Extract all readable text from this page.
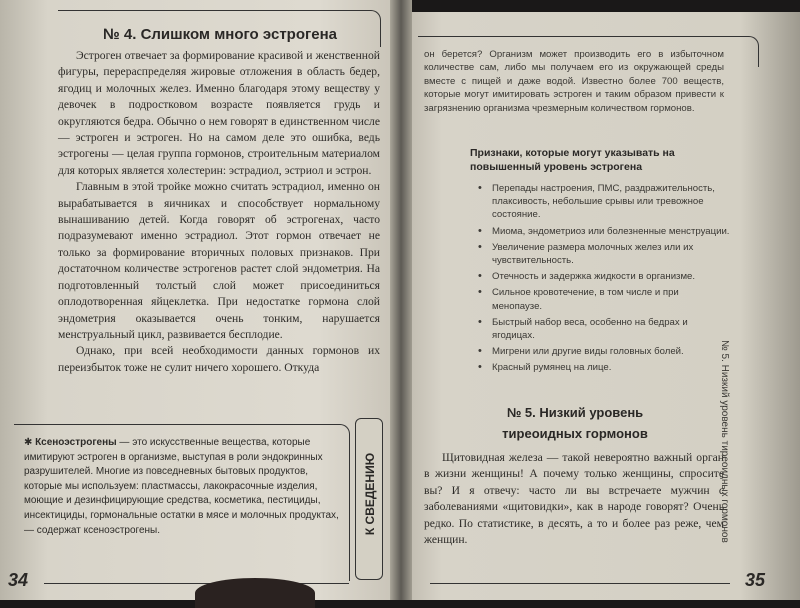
№ 4. Слишком много эстрогена

Эстроген отвечает за формирование красивой и женственной фигуры, перераспределяя жировые отложения в область бедер, ягодиц и молочных желез. Именно благодаря этому веществу у девочек в подростковом возрасте появляется грудь и округляются бедра. Обычно о нем говорят в единственном числе — эстроген и эстроген. Но на самом деле это ошибка, ведь эстрогены — целая группа гормонов, строительным материалом для которых является холестерин: эстрадиол, эстриол и эстрон.

Главным в этой тройке можно считать эстрадиол, именно он вырабатывается в яичниках и способствует нормальному вынашиванию детей. Когда говорят об эстрогенах, часто подразумевают именно эстрадиол. Этот гормон отвечает не только за формирование вторичных половых признаков. При достаточном количестве эстрогенов растет слой эндометрия. На подготовленный толстый слой может присоединиться оплодотворенная яйцеклетка. При недостатке гормона слой эндометрия оказывается очень тонким, нарушается менструальный цикл, развивается бесплодие.

Однако, при всей необходимости данных гормонов их переизбыток тоже не сулит ничего хорошего. Откуда

✱ Ксеноэстрогены — это искусственные вещества, которые имитируют эстроген в организме, выступая в роли эндокринных разрушителей. Многие из повседневных бытовых продуктов, которые мы используем: пластмассы, лакокрасочные изделия, моющие и дезинфицирующие средства, косметика, пестициды, инсектициды, гормональные остатки в мясе и молочных продуктах, — содержат ксеноэстрогены.	К СВЕДЕНИЮ
34

он берется? Организм может производить его в избыточном количестве сам, либо мы получаем его из окружающей среды вместе с пищей и даже водой. Известно более 700 веществ, которые могут имитировать эстроген и таким образом привести к загрязнению организма чрезмерным количеством гормонов.

Признаки, которые могут указывать на повышенный уровень эстрогена
• Перепады настроения, ПМС, раздражительность, плаксивость, небольшие срывы или тревожное состояние.
• Миома, эндометриоз или болезненные менструации.
• Увеличение размера молочных желез или их чувствительность.
• Отечность и задержка жидкости в организме.
• Сильное кровотечение, в том числе и при менопаузе.
• Быстрый набор веса, особенно на бедрах и ягодицах.
• Мигрени или другие виды головных болей.
• Красный румянец на лице.
№ 5. Низкий уровень тиреоидных гормонов

Щитовидная железа — такой невероятно важный орган в жизни женщины! А почему только женщины, спросите вы? И я отвечу: часто ли вы встречаете мужчин с заболеваниями «щитовидки», как в народе говорят? Очень редко. По статистике, в десять, а то и более раз реже, чем женщин.	№ 5. Низкий уровень тиреоидных гормонов
35
